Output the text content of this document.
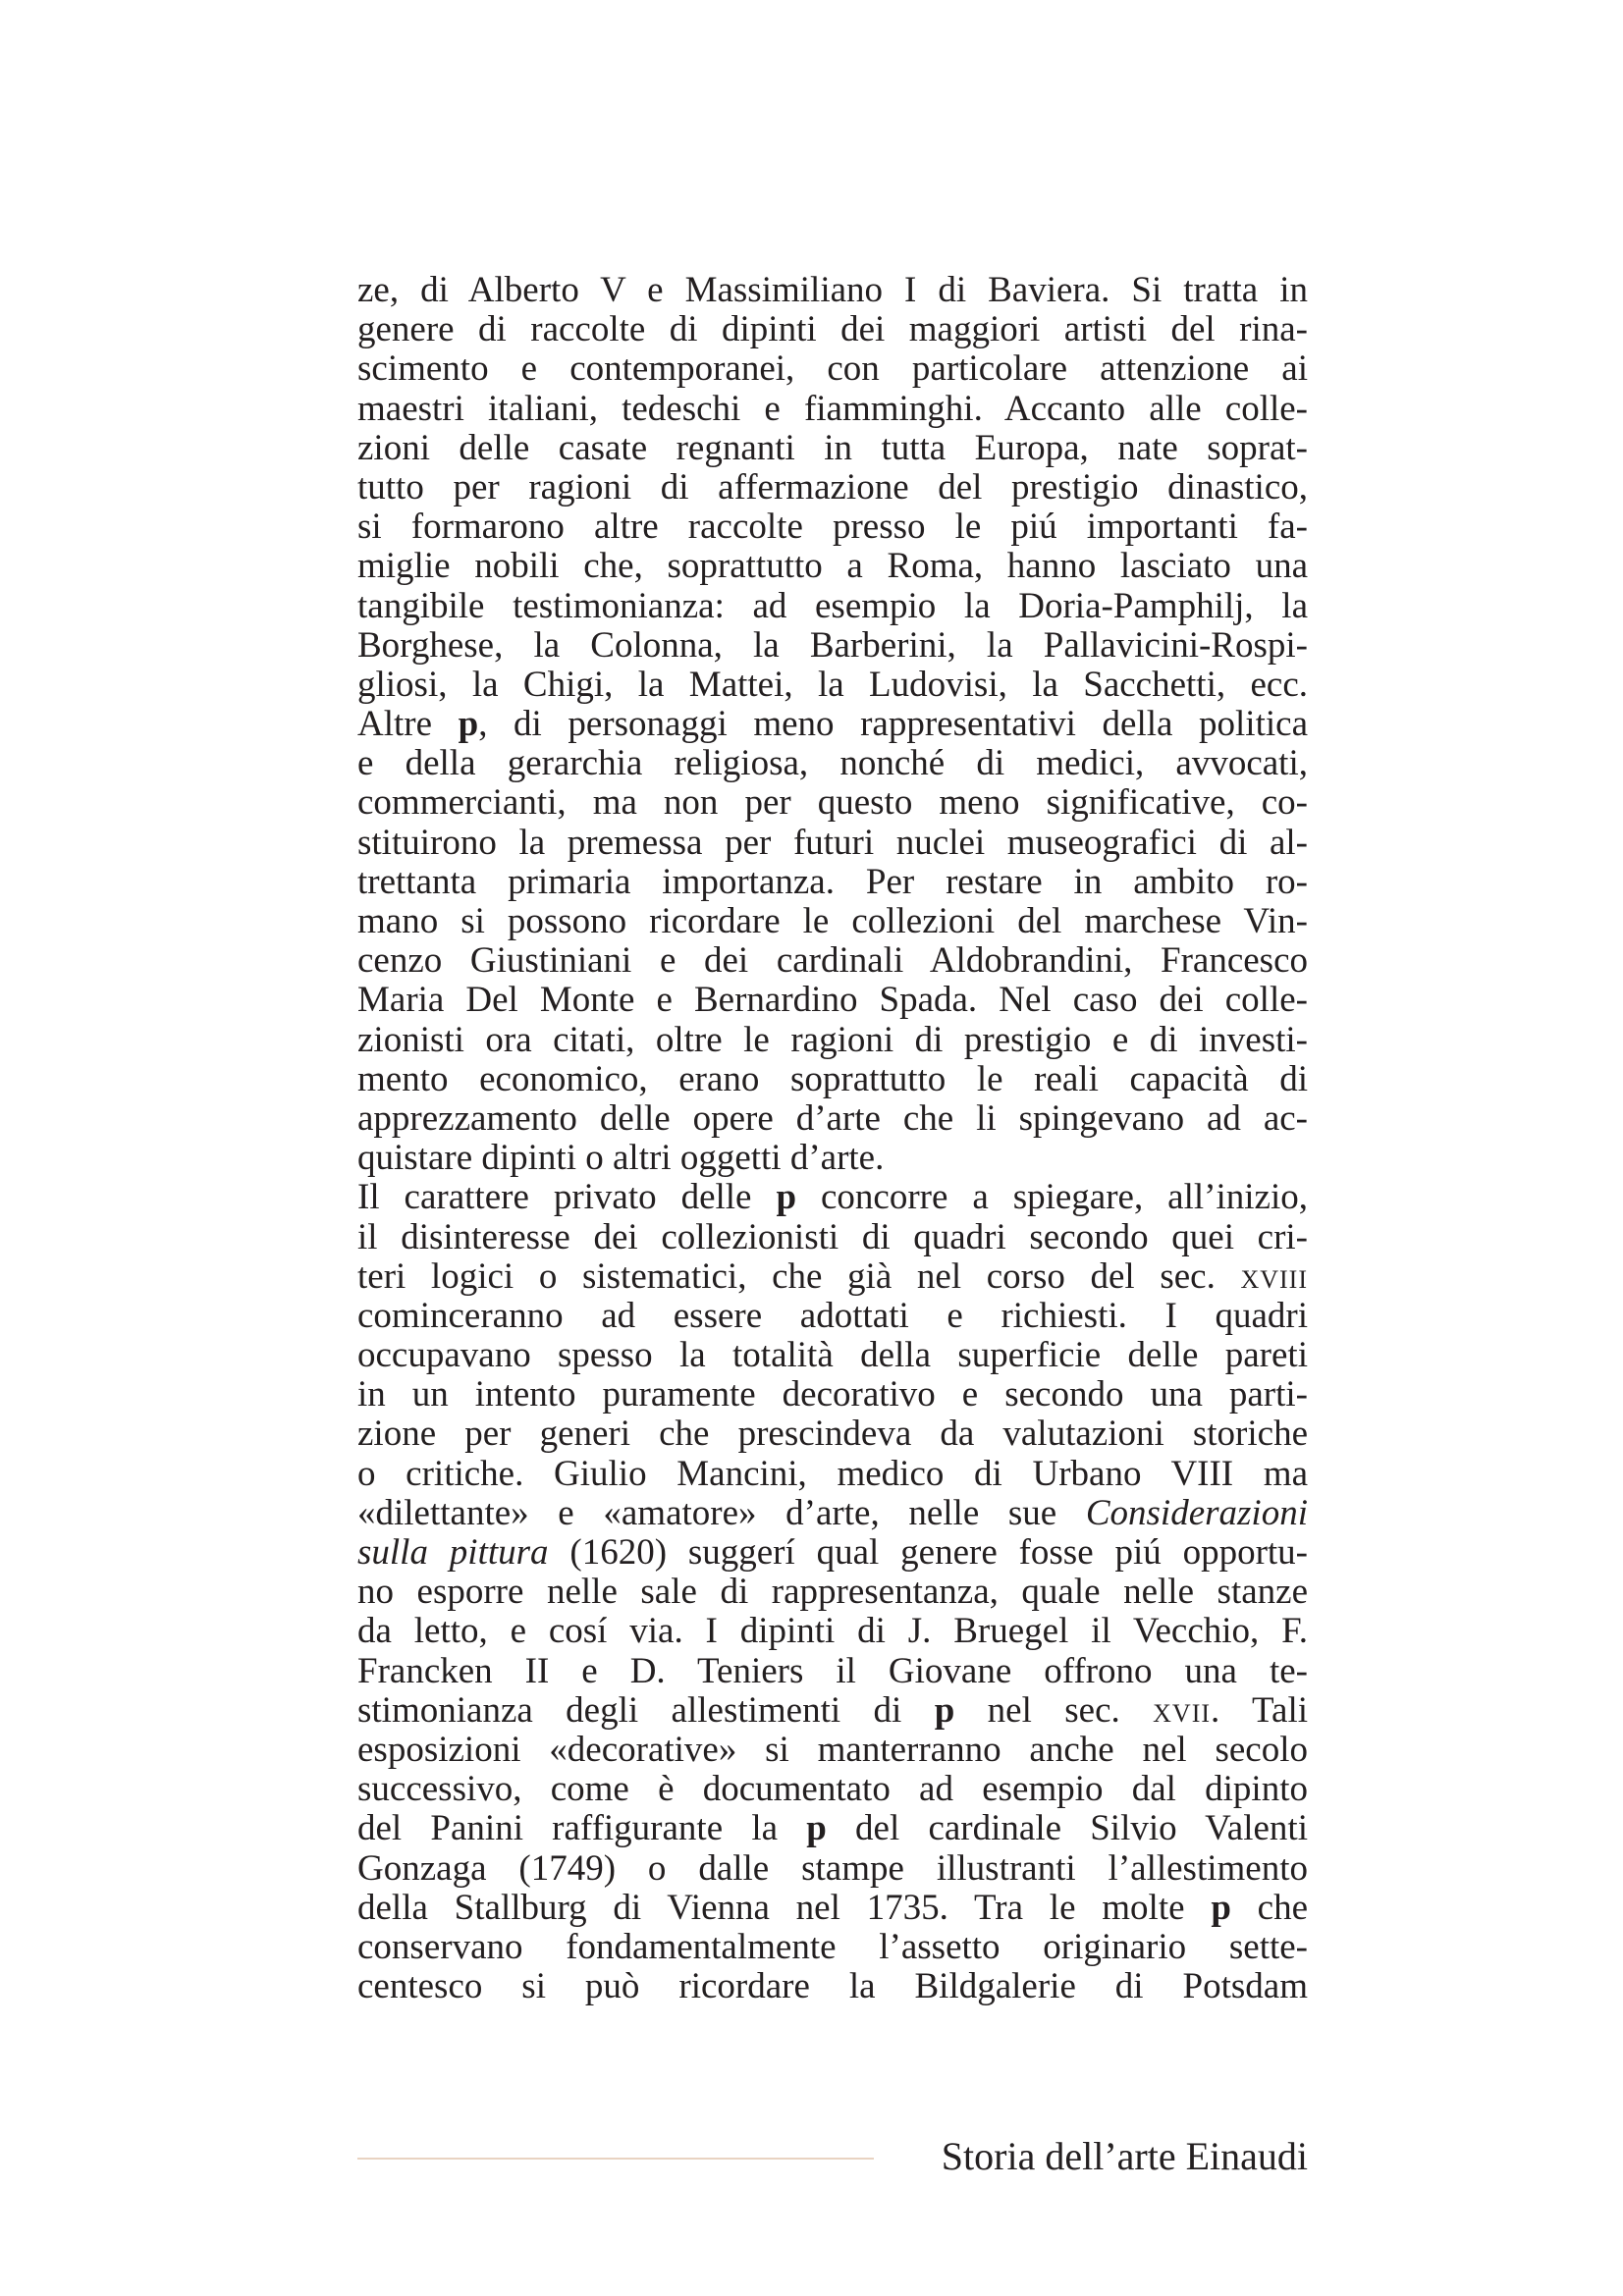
ze, di Alberto V e Massimiliano I di Baviera. Si tratta in
genere di raccolte di dipinti dei maggiori artisti del rina-
scimento e contemporanei, con particolare attenzione ai
maestri italiani, tedeschi e fiamminghi. Accanto alle colle-
zioni delle casate regnanti in tutta Europa, nate soprat-
tutto per ragioni di affermazione del prestigio dinastico,
si formarono altre raccolte presso le piú importanti fa-
miglie nobili che, soprattutto a Roma, hanno lasciato una
tangibile testimonianza: ad esempio la Doria-Pamphilj, la
Borghese, la Colonna, la Barberini, la Pallavicini-Rospi-
gliosi, la Chigi, la Mattei, la Ludovisi, la Sacchetti, ecc.
Altre p, di personaggi meno rappresentativi della politica
e della gerarchia religiosa, nonché di medici, avvocati,
commercianti, ma non per questo meno significative, co-
stituirono la premessa per futuri nuclei museografici di al-
trettanta primaria importanza. Per restare in ambito ro-
mano si possono ricordare le collezioni del marchese Vin-
cenzo Giustiniani e dei cardinali Aldobrandini, Francesco
Maria Del Monte e Bernardino Spada. Nel caso dei colle-
zionisti ora citati, oltre le ragioni di prestigio e di investi-
mento economico, erano soprattutto le reali capacità di
apprezzamento delle opere d’arte che li spingevano ad ac-
quistare dipinti o altri oggetti d’arte.
Il carattere privato delle p concorre a spiegare, all’inizio,
il disinteresse dei collezionisti di quadri secondo quei cri-
teri logici o sistematici, che già nel corso del sec. xviii
cominceranno ad essere adottati e richiesti. I quadri
occupavano spesso la totalità della superficie delle pareti
in un intento puramente decorativo e secondo una parti-
zione per generi che prescindeva da valutazioni storiche
o critiche. Giulio Mancini, medico di Urbano VIII ma
«dilettante» e «amatore» d’arte, nelle sue Considerazioni
sulla pittura (1620) suggerí qual genere fosse piú opportu-
no esporre nelle sale di rappresentanza, quale nelle stanze
da letto, e cosí via. I dipinti di J. Bruegel il Vecchio, F.
Francken II e D. Teniers il Giovane offrono una te-
stimonianza degli allestimenti di p nel sec. xvii. Tali
esposizioni «decorative» si manterranno anche nel secolo
successivo, come è documentato ad esempio dal dipinto
del Panini raffigurante la p del cardinale Silvio Valenti
Gonzaga (1749) o dalle stampe illustranti l’allestimento
della Stallburg di Vienna nel 1735. Tra le molte p che
conservano fondamentalmente l’assetto originario sette-
centesco si può ricordare la Bildgalerie di Potsdam
Storia dell’arte Einaudi
